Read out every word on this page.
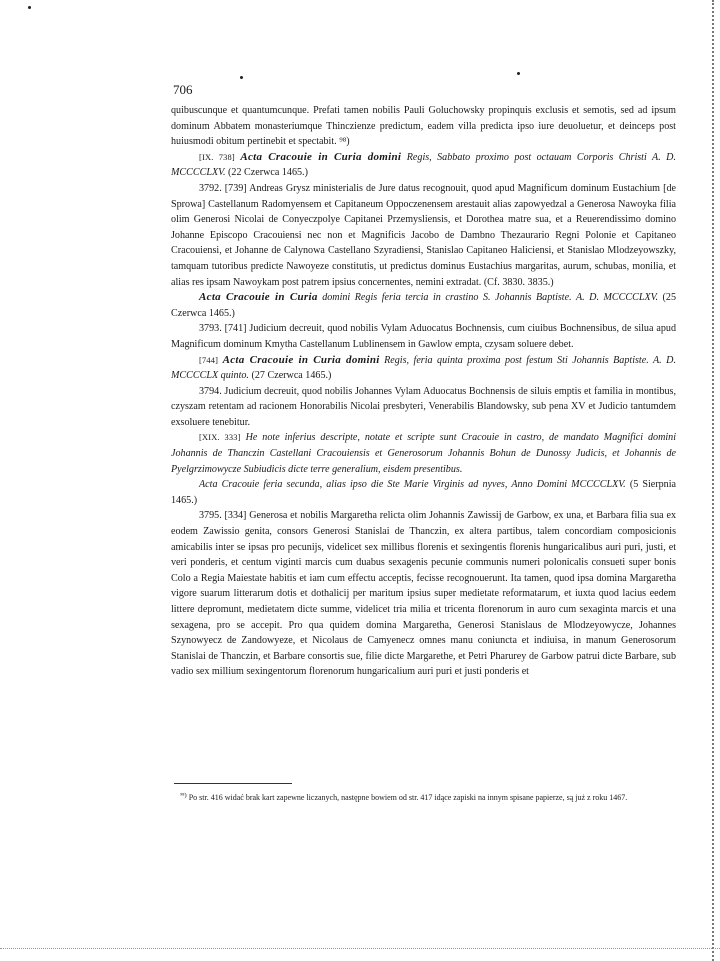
706

quibuscunque et quantumcunque. Prefati tamen nobilis Pauli Goluchowsky propinquis exclusis et semotis, sed ad ipsum dominum Abbatem monasteriumque Thinczienze predictum, eadem villa predicta ipso iure deuoluetur, et deinceps post huiusmodi obitum pertinebit et spectabit. ⁹⁸)

[IX. 738] Acta Cracouie in Curia domini Regis, Sabbato proximo post octauam Corporis Christi A. D. MCCCCLXV. (22 Czerwca 1465.)

3792. [739] Andreas Grysz ministerialis de Jure datus recognouit, quod apud Magnificum dominum Eustachium [de Sprowa] Castellanum Radomyensem et Capitaneum Oppoczenensem arestauit alias zapowyedzal a Generosa Nawoyka filia olim Generosi Nicolai de Conyeczpolye Capitanei Przemysliensis, et Dorothea matre sua, et a Reuerendissimo domino Johanne Episcopo Cracouiensi nec non et Magnificis Jacobo de Dambno Thezaurario Regni Polonie et Capitaneo Cracouiensi, et Johanne de Calynowa Castellano Szyradiensi, Stanislao Capitaneo Haliciensi, et Stanislao Mlodzeyowszky, tamquam tutoribus predicte Nawoyeze constitutis, ut predictus dominus Eustachius margaritas, aurum, schubas, monilia, et alias res ipsam Nawoykam post patrem ipsius concernentes, nemini extradat. (Cf. 3830. 3835.)

Acta Cracouie in Curia domini Regis feria tercia in crastino S. Johannis Baptiste. A. D. MCCCCLXV. (25 Czerwca 1465.)

3793. [741] Judicium decreuit, quod nobilis Vylam Aduocatus Bochnensis, cum ciuibus Bochnensibus, de silua apud Magnificum dominum Kmytha Castellanum Lublinensem in Gawlow empta, czysam soluere debet.

[744] Acta Cracouie in Curia domini Regis, feria quinta proxima post festum Sti Johannis Baptiste. A. D. MCCCCLX quinto. (27 Czerwca 1465.)

3794. Judicium decreuit, quod nobilis Johannes Vylam Aduocatus Bochnensis de siluis emptis et familia in montibus, czyszam retentam ad racionem Honorabilis Nicolai presbyteri, Venerabilis Blandowsky, sub pena XV et Judicio tantumdem exsoluere tenebitur.

[XIX. 333] He note inferius descripte, notate et scripte sunt Cracouie in castro, de mandato Magnifici domini Johannis de Thanczin Castellani Cracouiensis et Generosorum Johannis Bohun de Dunossy Judicis, et Johannis de Pyelgrzimowycze Subiudicis dicte terre generalium, eisdem presentibus.

Acta Cracouie feria secunda, alias ipso die Ste Marie Virginis ad nyves, Anno Domini MCCCCLXV. (5 Sierpnia 1465.)

3795. [334] Generosa et nobilis Margaretha relicta olim Johannis Zawissij de Garbow, ex una, et Barbara filia sua ex eodem Zawissio genita, consors Generosi Stanislai de Thanczin, ex altera partibus, talem concordiam composicionis amicabilis inter se ipsas pro pecunijs, videlicet sex millibus florenis et sexingentis florenis hungaricalibus auri puri, justi, et veri ponderis, et centum viginti marcis cum duabus sexagenis pecunie communis numeri polonicalis consueti super bonis Colo a Regia Maiestate habitis et iam cum effectu acceptis, fecisse recognouerunt. Ita tamen, quod ipsa domina Margaretha vigore suarum litterarum dotis et dothalicij per maritum ipsius super medietate reformatarum, et iuxta quod lacius eedem littere depromunt, medietatem dicte summe, videlicet tria milia et tricenta florenorum in auro cum sexaginta marcis et una sexagena, pro se accepit. Pro qua quidem domina Margaretha, Generosi Stanislaus de Mlodzeyowycze, Johannes Szynowyecz de Zandowyeze, et Nicolaus de Camyenecz omnes manu coniuncta et indiuisa, in manum Generosorum Stanislai de Thanczin, et Barbare consortis sue, filie dicte Margarethe, et Petri Pharurey de Garbow patrui dicte Barbare, sub vadio sex millium sexingentorum florenorum hungaricalium auri puri et justi ponderis et

$^{^{98})}$ Po str. 416 widać brak kart zapewne liczanych, następne bowiem od str. 417 idące zapiski na innym spisane papierze, są już z roku 1467.
